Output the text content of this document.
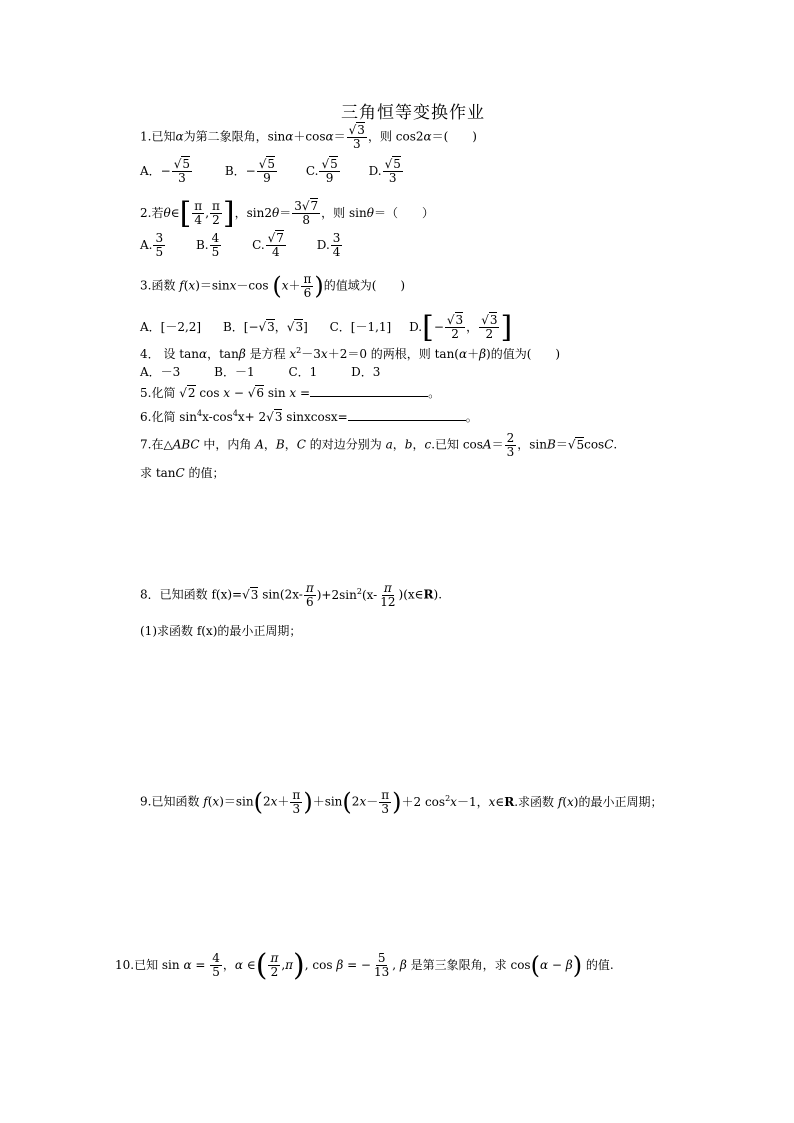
三角恒等变换作业
1.已知α为第二象限角，$\sin\alpha+\cos\alpha= \frac{√3}{3}$ ，则 cos2α＝(　　)
A．− $\frac{√5}{3}$	B．− $\frac{√5}{9} C$. $\frac{√5}{9} D$. $\frac{√5}{3}$
2.若θ∈[ $\frac{\pi}{4}$ , $\frac{\pi}{2}$ ]，$\sin 2\theta= \frac{3√7}{8}$ ，则 sinθ＝（　　）
A. $\frac{3}{5}$	B. $\frac{4}{5}$	C. $\frac{√7}{4}$	D. $\frac{3}{4}$
3.函数 f(x)＝sinx－cos ($x+ \frac{\pi}{6}$ )的值域为(　　)
A．[－2,2] B．[−√3，√3] C．[－1,1] $D.[- \frac{√3}{2}$ ， $\frac{√3}{2}$ ]
4． 设 tanα，tanβ 是方程 $x^2-3x+2=0$ 的两根，则 tan(α＋β)的值为(　　)
A．－3	B．－1	C．1	D．3
5.化简 √2 cos x − √6 sin x =	。
6.化简 $\sin^4x-\cos^4x+ 2√3$ sinxcosx=	。
7.在△ABC 中，内角 A，B，C 的对边分别为 a，b，c.已知 $\cos A= \frac{2}{3}$ ，sinB＝√5cosC.
求 tanC 的值；
8．已知函数 f(x)=√3 $\sin(2x- \frac{\pi}{6} )+2\sin^2(x- \frac{\pi}{12}$ )(x∈R).
(1)求函数 f(x)的最小正周期；
9.已知函数 $f(x)=\sin(2x+ \frac{\pi}{3} )+\sin(2x- \frac{\pi}{3} )+2$ $\cos^2x-1$，x∈R.求函数 f(x)的最小正周期；
10.已知 $\sin \alpha = \frac{4}{5}$ ，α ∈( $\frac{\pi}{2} ,\pi$), cos β = − $\frac{5}{13}$ , β 是第三象限角，求 cos(α − β) 的值.
